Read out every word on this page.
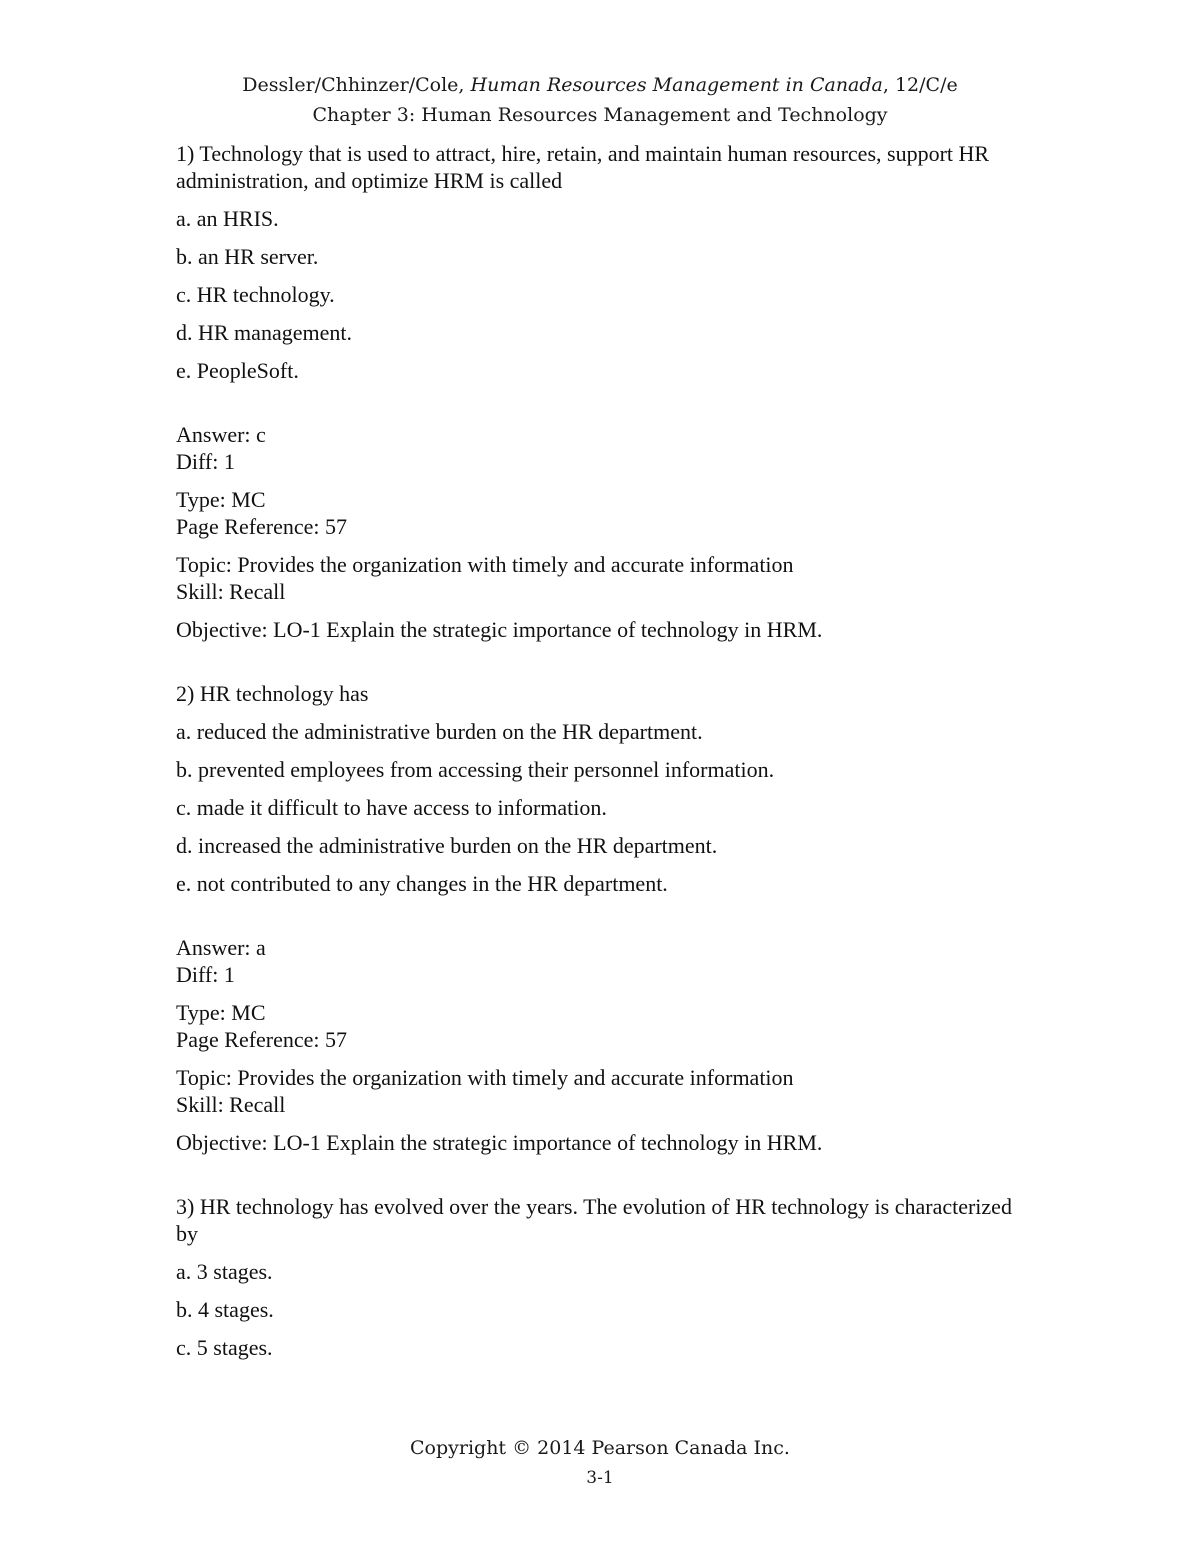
Dessler/Chhinzer/Cole, Human Resources Management in Canada, 12/C/e
Chapter 3: Human Resources Management and Technology

1) Technology that is used to attract, hire, retain, and maintain human resources, support HR administration, and optimize HRM is called

a. an HRIS.

b. an HR server.

c. HR technology.

d. HR management.

e. PeopleSoft.

Answer: c

Diff: 1

Type: MC

Page Reference: 57

Topic: Provides the organization with timely and accurate information

Skill: Recall

Objective: LO-1 Explain the strategic importance of technology in HRM.

2) HR technology has

a. reduced the administrative burden on the HR department.

b. prevented employees from accessing their personnel information.

c. made it difficult to have access to information.

d. increased the administrative burden on the HR department.

e. not contributed to any changes in the HR department.

Answer: a

Diff: 1

Type: MC

Page Reference: 57

Topic: Provides the organization with timely and accurate information

Skill: Recall

Objective: LO-1 Explain the strategic importance of technology in HRM.

3) HR technology has evolved over the years. The evolution of HR technology is characterized by

a. 3 stages.

b. 4 stages.

c. 5 stages.

Copyright © 2014 Pearson Canada Inc.
3-1
